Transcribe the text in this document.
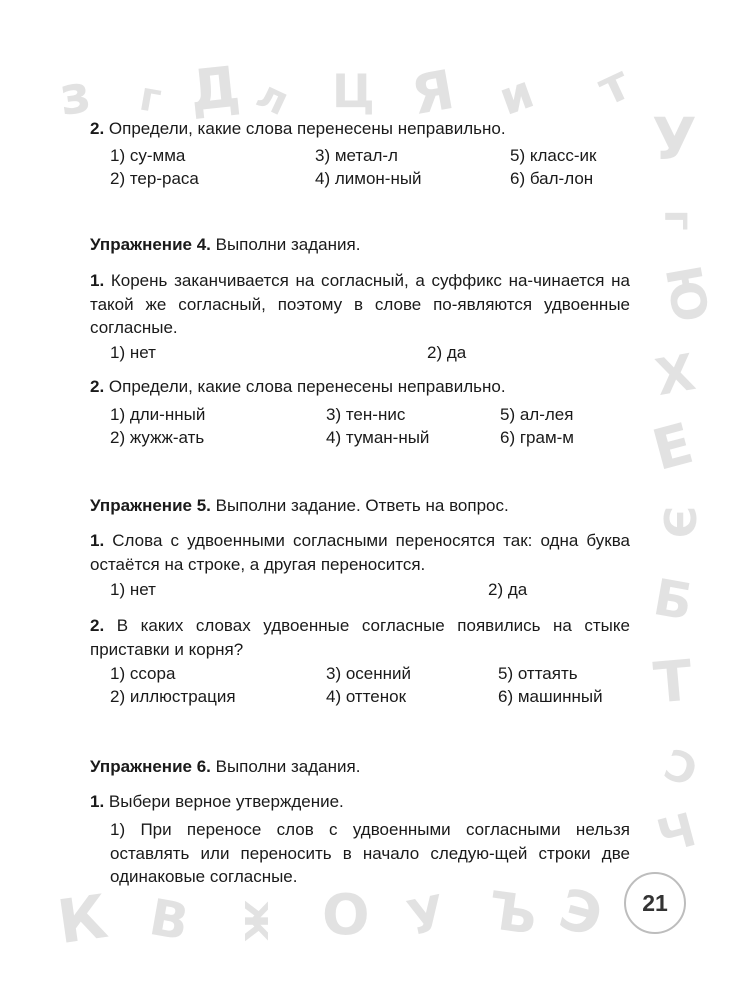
з г Д л Ц Я и т
У
г
Ю
Х
Е
Э
Б
Т
С
Ч
К В ж О У Ъ Э
2. Определи, какие слова перенесены неправильно.
1) су-мма	3) метал-л	5) класс-ик
2) тер-раса	4) лимон-ный	6) бал-лон
Упражнение 4. Выполни задания.
1. Корень заканчивается на согласный, а суффикс на-чинается на такой же согласный, поэтому в слове по-являются удвоенные согласные.
1) нет	2) да
2. Определи, какие слова перенесены неправильно.
1) дли-нный	3) тен-нис	5) ал-лея
2) жужж-ать	4) туман-ный	6) грам-м
Упражнение 5. Выполни задание. Ответь на вопрос.
1. Слова с удвоенными согласными переносятся так: одна буква остаётся на строке, а другая переносится.
1) нет	2) да
2. В каких словах удвоенные согласные появились на стыке приставки и корня?
1) ссора	3) осенний	5) оттаять
2) иллюстрация	4) оттенок	6) машинный
Упражнение 6. Выполни задания.
1. Выбери верное утверждение.
1) При переносе слов с удвоенными согласными нельзя оставлять или переносить в начало следую-щей строки две одинаковые согласные.
21
